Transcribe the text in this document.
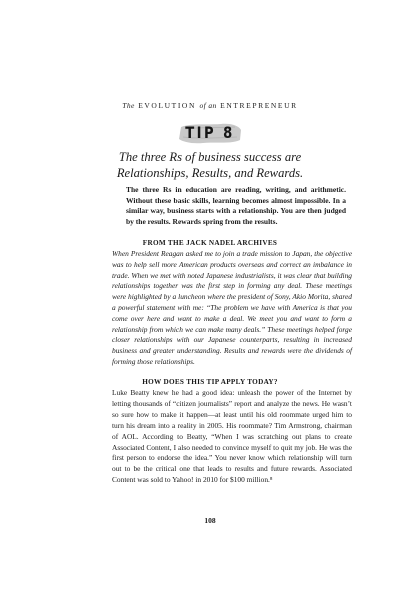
The EVOLUTION of an ENTREPRENEUR
TIP 8
The three Rs of business success are Relationships, Results, and Rewards.
The three Rs in education are reading, writing, and arithmetic. Without these basic skills, learning becomes almost impossible. In a similar way, business starts with a relationship. You are then judged by the results. Rewards spring from the results.
FROM THE JACK NADEL ARCHIVES
When President Reagan asked me to join a trade mission to Japan, the objective was to help sell more American products overseas and correct an imbalance in trade. When we met with noted Japanese industrialists, it was clear that building relationships together was the first step in forming any deal. These meetings were highlighted by a luncheon where the president of Sony, Akio Morita, shared a powerful statement with me: “The problem we have with America is that you come over here and want to make a deal. We meet you and want to form a relationship from which we can make many deals.” These meetings helped forge closer relationships with our Japanese counterparts, resulting in increased business and greater understanding. Results and rewards were the dividends of forming those relationships.
HOW DOES THIS TIP APPLY TODAY?
Luke Beatty knew he had a good idea: unleash the power of the Internet by letting thousands of “citizen journalists” report and analyze the news. He wasn’t so sure how to make it happen—at least until his old roommate urged him to turn his dream into a reality in 2005. His roommate? Tim Armstrong, chairman of AOL. According to Beatty, “When I was scratching out plans to create Associated Content, I also needed to convince myself to quit my job. He was the first person to endorse the idea.” You never know which relationship will turn out to be the critical one that leads to results and future rewards. Associated Content was sold to Yahoo! in 2010 for $100 million.⁸
108
